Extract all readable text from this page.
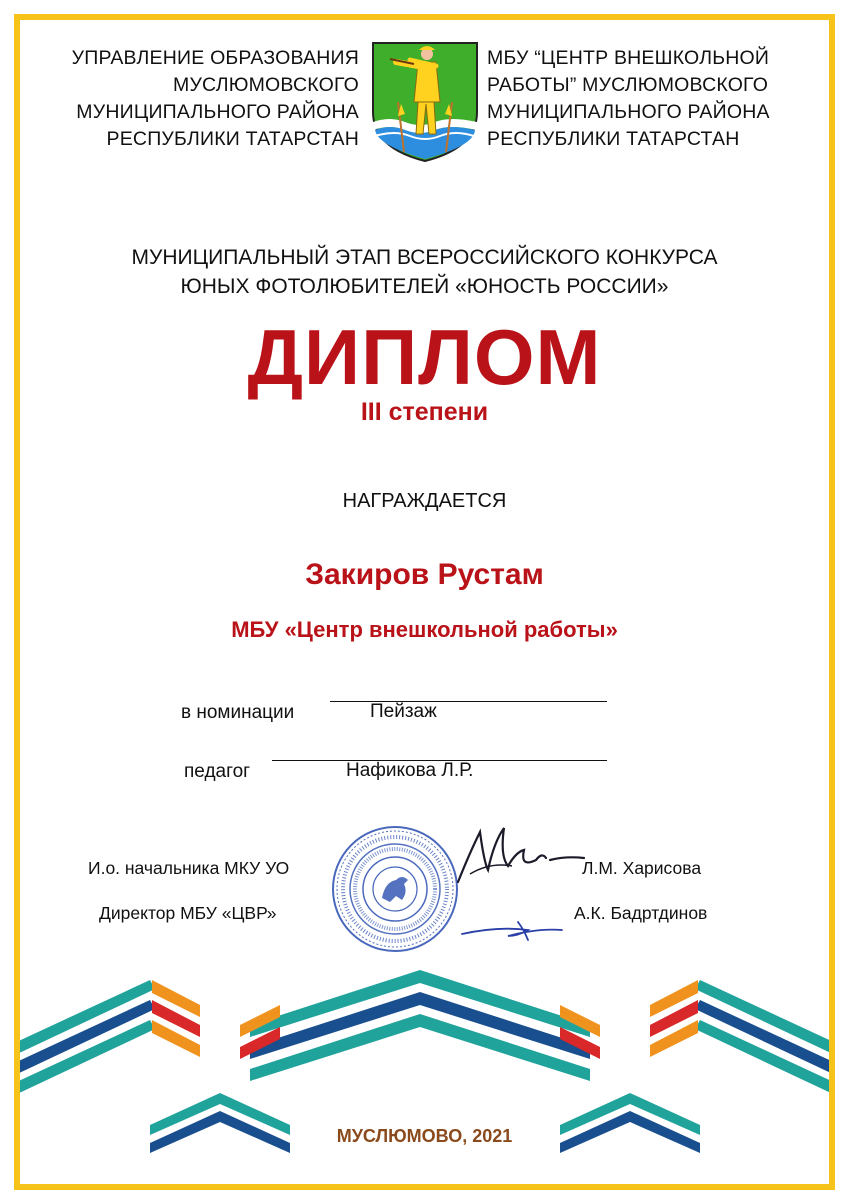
УПРАВЛЕНИЕ ОБРАЗОВАНИЯ
МУСЛЮМОВСКОГО
МУНИЦИПАЛЬНОГО РАЙОНА
РЕСПУБЛИКИ ТАТАРСТАН
МБУ “ЦЕНТР ВНЕШКОЛЬНОЙ
РАБОТЫ” МУСЛЮМОВСКОГО
МУНИЦИПАЛЬНОГО РАЙОНА
РЕСПУБЛИКИ ТАТАРСТАН
МУНИЦИПАЛЬНЫЙ ЭТАП ВСЕРОССИЙСКОГО КОНКУРСА
ЮНЫХ ФОТОЛЮБИТЕЛЕЙ «ЮНОСТЬ РОССИИ»
ДИПЛОМ
III степени
НАГРАЖДАЕТСЯ
Закиров Рустам
МБУ «Центр внешкольной работы»
в номинации	Пейзаж
педагог	Нафикова Л.Р.
И.о. начальника МКУ УО	Л.М. Харисова
Директор МБУ «ЦВР»	А.К. Бадртдинов
МУСЛЮМОВО, 2021
